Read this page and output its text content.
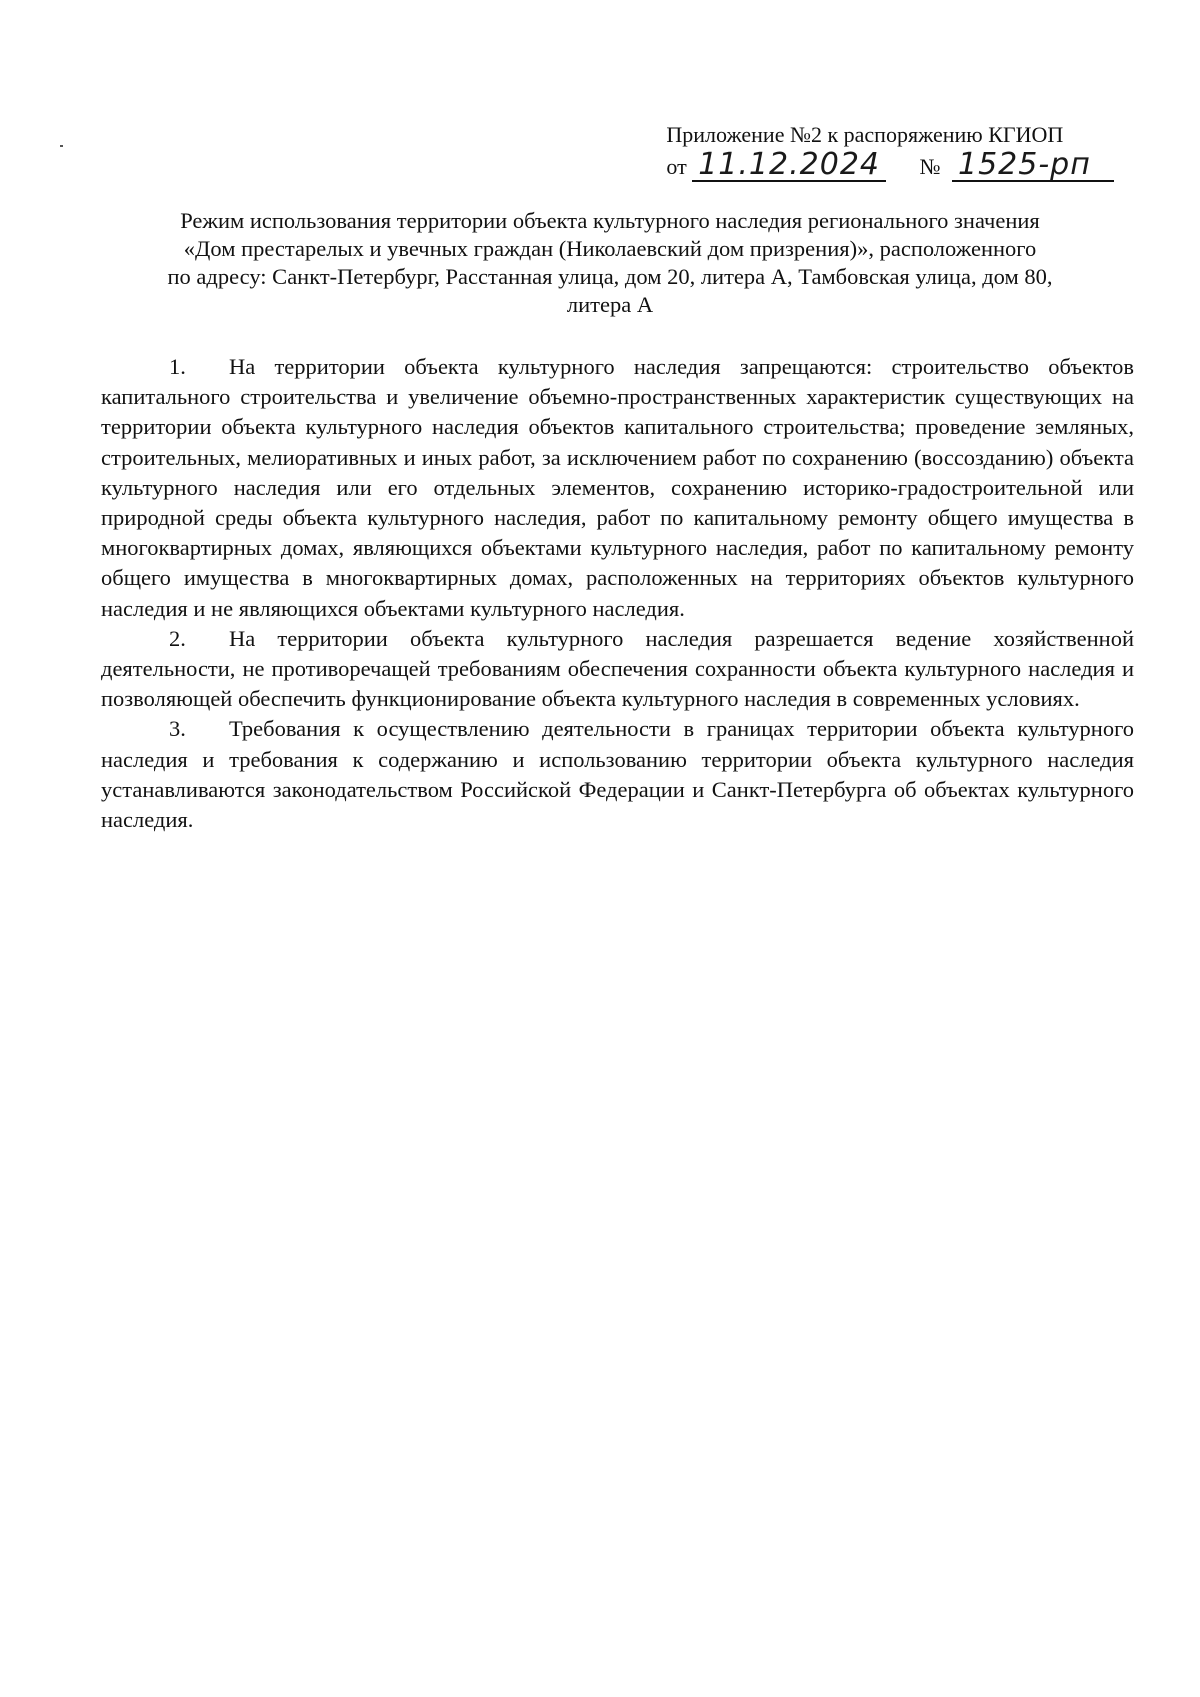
Приложение №2 к распоряжению КГИОП
от 11.12.2024 № 1525-рп
Режим использования территории объекта культурного наследия регионального значения
«Дом престарелых и увечных граждан (Николаевский дом призрения)», расположенного
по адресу: Санкт-Петербург, Расстанная улица, дом 20, литера А, Тамбовская улица, дом 80,
литера А

1. На территории объекта культурного наследия запрещаются: строительство объектов капитального строительства и увеличение объемно-пространственных характеристик существующих на территории объекта культурного наследия объектов капитального строительства; проведение земляных, строительных, мелиоративных и иных работ, за исключением работ по сохранению (воссозданию) объекта культурного наследия или его отдельных элементов, сохранению историко-градостроительной или природной среды объекта культурного наследия, работ по капитальному ремонту общего имущества в многоквартирных домах, являющихся объектами культурного наследия, работ по капитальному ремонту общего имущества в многоквартирных домах, расположенных на территориях объектов культурного наследия и не являющихся объектами культурного наследия.

2. На территории объекта культурного наследия разрешается ведение хозяйственной деятельности, не противоречащей требованиям обеспечения сохранности объекта культурного наследия и позволяющей обеспечить функционирование объекта культурного наследия в современных условиях.

3. Требования к осуществлению деятельности в границах территории объекта культурного наследия и требования к содержанию и использованию территории объекта культурного наследия устанавливаются законодательством Российской Федерации и Санкт-Петербурга об объектах культурного наследия.
